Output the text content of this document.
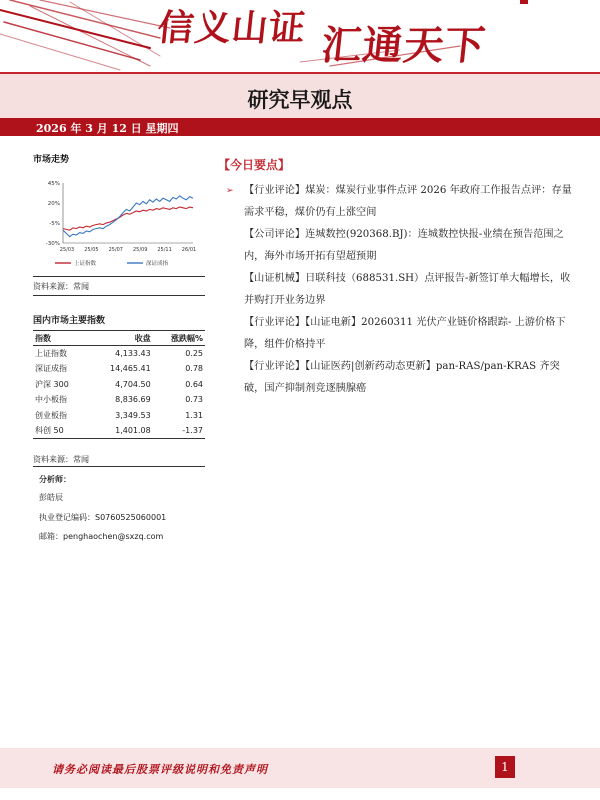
信义山证 汇通天下
研究早观点
2026 年 3 月 12 日 星期四
市场走势
45%
20%
-5%
-30%
25/03 25/05 25/07 25/09 25/11 26/01
上证指数	深证成指
资料来源：常闻
国内市场主要指数
指数	收盘	涨跌幅%
上证指数	4,133.43	0.25
深证成指	14,465.41	0.78
沪深 300	4,704.50	0.64
中小板指	8,836.69	0.73
创业板指	3,349.53	1.31
科创 50	1,401.08	-1.37
资料来源：常闻
分析师：
彭皓辰
执业登记编码：S0760525060001
邮箱：penghaochen@sxzq.com
【今日要点】
➢ 【行业评论】煤炭：煤炭行业事件点评 2026 年政府工作报告点评：存量需求平稳，煤价仍有上涨空间

【公司评论】连城数控(920368.BJ)：连城数控快报-业绩在预告范围之内，海外市场开拓有望超预期

【山证机械】日联科技（688531.SH）点评报告-新签订单大幅增长，收并购打开业务边界

【行业评论】【山证电新】20260311 光伏产业链价格跟踪- 上游价格下降，组件价格持平

【行业评论】【山证医药|创新药动态更新】pan-RAS/pan-KRAS 齐突破，国产抑制剂竞逐胰腺癌

请务必阅读最后股票评级说明和免责声明	1
